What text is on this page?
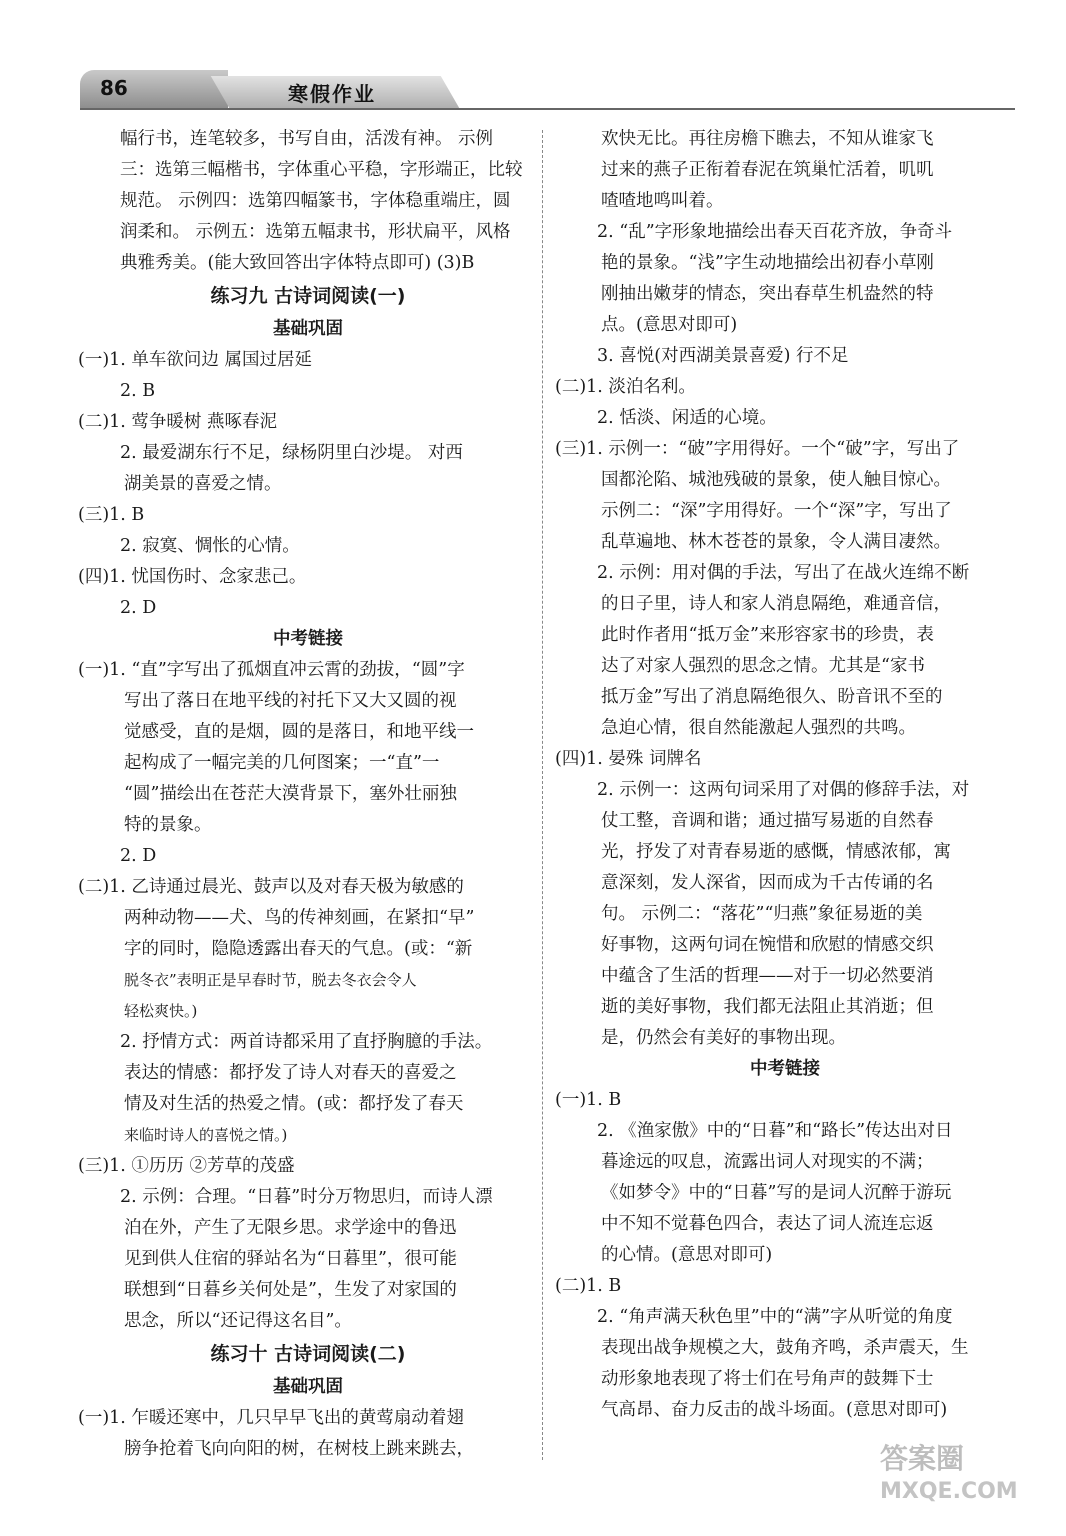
86	寒假作业
幅行书，连笔较多，书写自由，活泼有神。 示例
三：选第三幅楷书，字体重心平稳，字形端正，比较
规范。 示例四：选第四幅篆书，字体稳重端庄，圆
润柔和。 示例五：选第五幅隶书，形状扁平，风格
典雅秀美。(能大致回答出字体特点即可) (3)B
练习九 古诗词阅读(一)
基础巩固
(一)1. 单车欲问边 属国过居延
2. B
(二)1. 莺争暖树 燕啄春泥
2. 最爱湖东行不足，绿杨阴里白沙堤。 对西
湖美景的喜爱之情。
(三)1. B
2. 寂寞、惆怅的心情。
(四)1. 忧国伤时、念家悲己。
2. D
中考链接
(一)1. “直”字写出了孤烟直冲云霄的劲拔，“圆”字
写出了落日在地平线的衬托下又大又圆的视
觉感受，直的是烟，圆的是落日，和地平线一
起构成了一幅完美的几何图案；一“直”一
“圆”描绘出在苍茫大漠背景下，塞外壮丽独
特的景象。
2. D
(二)1. 乙诗通过晨光、鼓声以及对春天极为敏感的
两种动物——犬、鸟的传神刻画，在紧扣“早”
字的同时，隐隐透露出春天的气息。(或：“新
脱冬衣”表明正是早春时节，脱去冬衣会令人
轻松爽快。)
2. 抒情方式：两首诗都采用了直抒胸臆的手法。
表达的情感：都抒发了诗人对春天的喜爱之
情及对生活的热爱之情。(或：都抒发了春天
来临时诗人的喜悦之情。)
(三)1. ①历历 ②芳草的茂盛
2. 示例：合理。“日暮”时分万物思归，而诗人漂
泊在外，产生了无限乡思。求学途中的鲁迅
见到供人住宿的驿站名为“日暮里”，很可能
联想到“日暮乡关何处是”，生发了对家国的
思念，所以“还记得这名目”。
练习十 古诗词阅读(二)
基础巩固
(一)1. 乍暖还寒中，几只早早飞出的黄莺扇动着翅
膀争抢着飞向向阳的树，在树枝上跳来跳去，
欢快无比。再往房檐下瞧去，不知从谁家飞
过来的燕子正衔着春泥在筑巢忙活着，叽叽
喳喳地鸣叫着。
2. “乱”字形象地描绘出春天百花齐放，争奇斗
艳的景象。“浅”字生动地描绘出初春小草刚
刚抽出嫩芽的情态，突出春草生机盎然的特
点。(意思对即可)
3. 喜悦(对西湖美景喜爱) 行不足
(二)1. 淡泊名利。
2. 恬淡、闲适的心境。
(三)1. 示例一：“破”字用得好。一个“破”字，写出了
国都沦陷、城池残破的景象，使人触目惊心。
示例二：“深”字用得好。一个“深”字，写出了
乱草遍地、林木苍苍的景象，令人满目凄然。
2. 示例：用对偶的手法，写出了在战火连绵不断
的日子里，诗人和家人消息隔绝，难通音信，
此时作者用“抵万金”来形容家书的珍贵，表
达了对家人强烈的思念之情。尤其是“家书
抵万金”写出了消息隔绝很久、盼音讯不至的
急迫心情，很自然能激起人强烈的共鸣。
(四)1. 晏殊 词牌名
2. 示例一：这两句词采用了对偶的修辞手法，对
仗工整，音调和谐；通过描写易逝的自然春
光，抒发了对青春易逝的感慨，情感浓郁，寓
意深刻，发人深省，因而成为千古传诵的名
句。 示例二：“落花”“归燕”象征易逝的美
好事物，这两句词在惋惜和欣慰的情感交织
中蕴含了生活的哲理——对于一切必然要消
逝的美好事物，我们都无法阻止其消逝；但
是，仍然会有美好的事物出现。
中考链接
(一)1. B
2. 《渔家傲》中的“日暮”和“路长”传达出对日
暮途远的叹息，流露出词人对现实的不满；
《如梦令》中的“日暮”写的是词人沉醉于游玩
中不知不觉暮色四合，表达了词人流连忘返
的心情。(意思对即可)
(二)1. B
2. “角声满天秋色里”中的“满”字从听觉的角度
表现出战争规模之大，鼓角齐鸣，杀声震天，生
动形象地表现了将士们在号角声的鼓舞下士
气高昂、奋力反击的战斗场面。(意思对即可)
答案圈
MXQE.COM
